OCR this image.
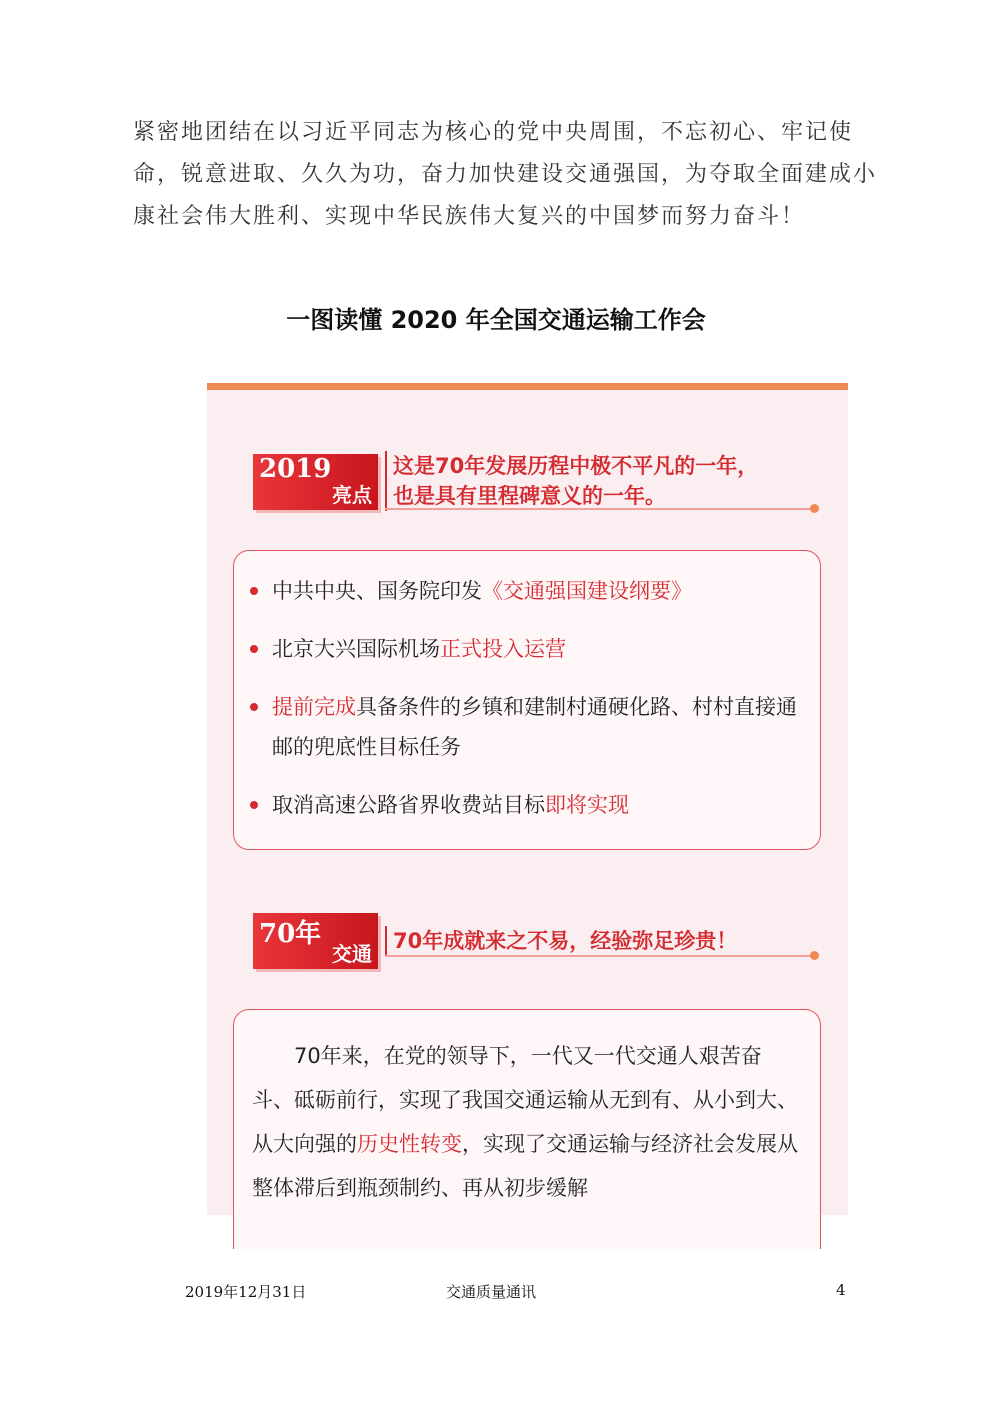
紧密地团结在以习近平同志为核心的党中央周围，不忘初心、牢记使命，锐意进取、久久为功，奋力加快建设交通强国，为夺取全面建成小康社会伟大胜利、实现中华民族伟大复兴的中国梦而努力奋斗！
一图读懂 2020 年全国交通运输工作会
2019
亮点
这是70年发展历程中极不平凡的一年，
也是具有里程碑意义的一年。
中共中央、国务院印发《交通强国建设纲要》
北京大兴国际机场正式投入运营
提前完成具备条件的乡镇和建制村通硬化路、村村直接通邮的兜底性目标任务
取消高速公路省界收费站目标即将实现
70年
交通
70年成就来之不易，经验弥足珍贵！
70年来，在党的领导下，一代又一代交通人艰苦奋斗、砥砺前行，实现了我国交通运输从无到有、从小到大、从大向强的历史性转变，实现了交通运输与经济社会发展从整体滞后到瓶颈制约、再从初步缓解
2019年12月31日	交通质量通讯	4
